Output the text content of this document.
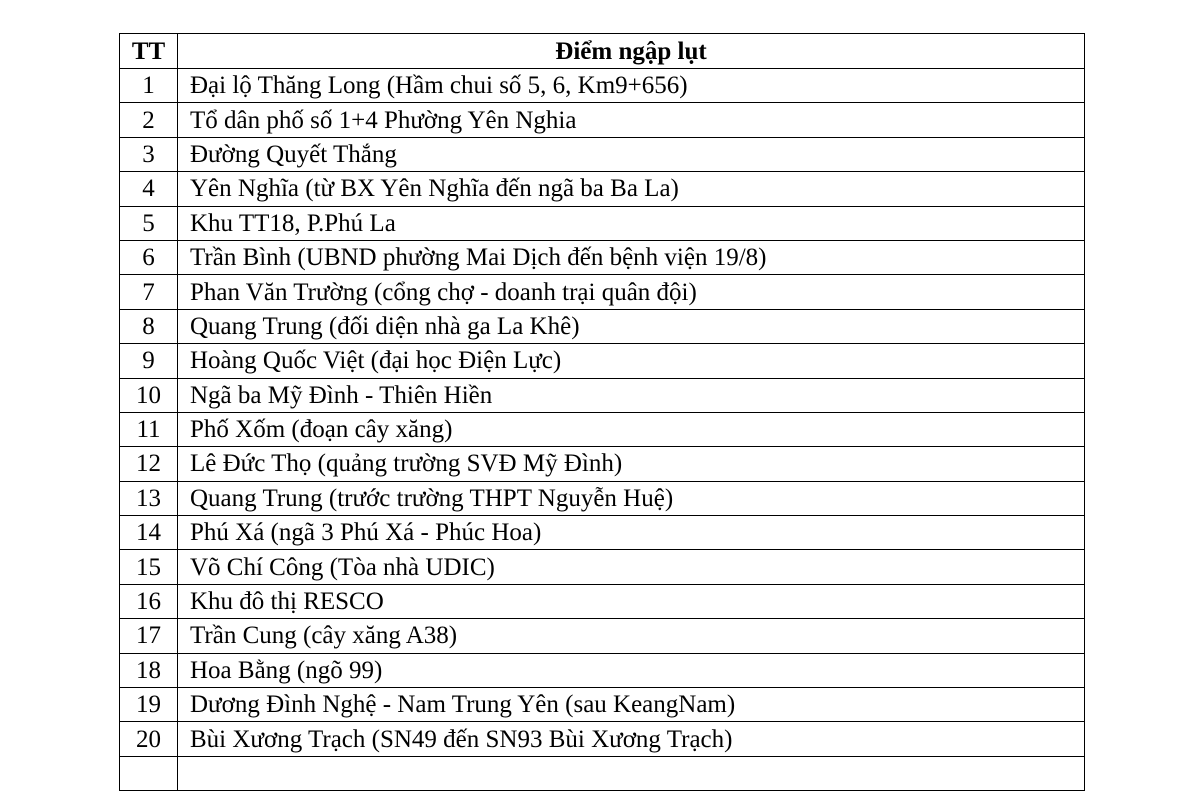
TT	Điểm ngập lụt
1	Đại lộ Thăng Long (Hầm chui số 5, 6, Km9+656)
2	Tổ dân phố số 1+4 Phường Yên Nghia
3	Đường Quyết Thắng
4	Yên Nghĩa (từ BX Yên Nghĩa đến ngã ba Ba La)
5	Khu TT18, P.Phú La
6	Trần Bình (UBND phường Mai Dịch đến bệnh viện 19/8)
7	Phan Văn Trường (cổng chợ - doanh trại quân đội)
8	Quang Trung (đối diện nhà ga La Khê)
9	Hoàng Quốc Việt (đại học Điện Lực)
10	Ngã ba Mỹ Đình - Thiên Hiền
11	Phố Xốm (đoạn cây xăng)
12	Lê Đức Thọ (quảng trường SVĐ Mỹ Đình)
13	Quang Trung (trước trường THPT Nguyễn Huệ)
14	Phú Xá (ngã 3 Phú Xá - Phúc Hoa)
15	Võ Chí Công (Tòa nhà UDIC)
16	Khu đô thị RESCO
17	Trần Cung (cây xăng A38)
18	Hoa Bằng (ngõ 99)
19	Dương Đình Nghệ - Nam Trung Yên (sau KeangNam)
20	Bùi Xương Trạch (SN49 đến SN93 Bùi Xương Trạch)
